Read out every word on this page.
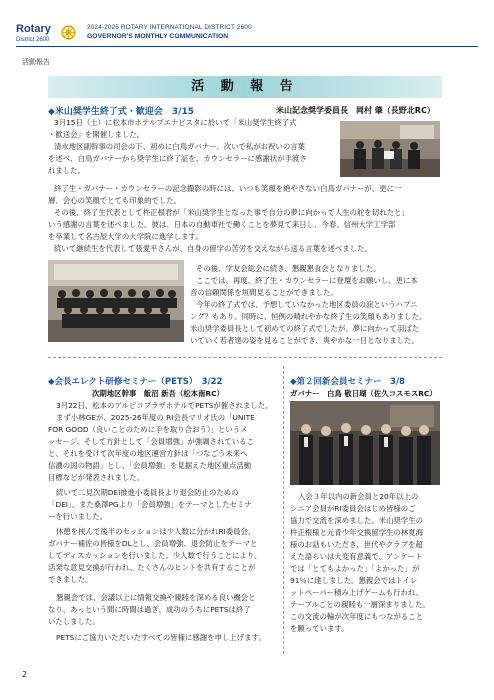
Rotary
District 2600
2024-2025 ROTARY INTERNATIONAL DISTRICT 2600
GOVERNOR'S MONTHLY COMMUNICATION
活動報告
活 動 報 告
◆米山奨学生終了式・歓迎会　3/15	米山記念奨学委員長　岡村 肇（長野北RC）
3月15日（土）に松本市ホテルブエナビスタに於いて「米山奨学生終了式
・歓送会」を開催しました。
清水地区副幹事の司会の下、初めに白鳥ガバナー、次いで私がお祝いの言葉
を述べ、白鳥ガバナーから奨学生に終了証を、カウンセラーに感謝状が手渡さ
れました。
終了生・ガバナー・カウンセラーの記念撮影の時には、いつも笑顔を絶やさない白鳥ガバナーが、更に一
層、会心の笑顔でとても印象的でした。
その後、終了生代表として杵正根君が「米山奨学生となった事で自分の夢に向かって人生の舵を切れたと」
いう感謝の言葉を述べました。彼は、日本の自動車社で働くことを夢見て来日し、今春、信州大学工学部
を卒業して名古屋大学の大学院に進学します。
続いて継続生を代表して張愛平さんが、自身の留学の苦労を交えながら送る言葉を述べました。
その後、学友会総会に続き、懇親懇食会となりました。
ここでは、再度、終了生・カウンセラーに登壇をお願いし、更に本
音の信頼関係を垣間見ることができました。
今年の終了式では、予想していなかった地区委員の涙というハプニ
ング？もあり、同時に、恒例の晴れやかな終了生の笑顔もありました。
米山奨学委員長として初めての終了式でしたが、夢に向かって羽ばた
いていく若者達の姿を見ることができ、爽やかな一日となりました。
◆会長エレクト研修セミナー（PETS）　3/22
次期地区幹事　飯沼 新吾（松本南RC）
3月22日、松本のアルピコプラザホテルでPETSが催されました。
まず小林GEが、2025-26年度の RI会長マリオ氏の「UNITE
FOR GOOD（良いことのために手を取り合おう）」というメ
ッセージ、そして方針として「会員増強」が強調されているこ
と、それを受けて次年度の地区運営方針は「つなごう未来へ
信濃の国の物語」とし、「会員増強」を見据えた地区重点活動
目標などが発表されました。
続いて二見次期DEI推進小委員長より退会防止のための
「DEI」、また桑澤PGより「会員増強」をテーマとしたセミナ
ーを行いました。
休憩を挟んで後半のセッションは少人数に分かれRI委員会、
ガバナー補佐の皆様をDLとし、会員増強、退会防止をテーマと
してディスカッションを行いました。少人数で行うことにより、
活発な意見交換が行われ、たくさんのヒントを共有することが
できました。
懇親会では、会議以上に情報交換や親睦を深める良い機会と
なり、あっという間に時間は過ぎ、成功のうちにPETSは終了
いたしました。
PETSにご協力いただいたすべての皆様に感謝を申し上げます。
◆第２回新会員セミナー　3/8
ガバナー　白鳥 敬日瑚（佐久コスモスRC）
入会３年以内の新会員と20年以上の
シニア会員がRI委員会はじめ皆様のご
協力で交流を深めました。米山奨学生の
杵正根様と元青少年交換留学生の林夏海
様のお話もいただき、世代やクラブを超
えた語らいは大変有意義で、アンケート
では「とてもよかった」「よかった」が
91％に達しました。懇親会ではトイレ
ットペーパー積み上げゲームも行われ、
テーブルごとの親睦も一層深まりました。
この交流の輪が次年度にもつながること
を願っています。
2
